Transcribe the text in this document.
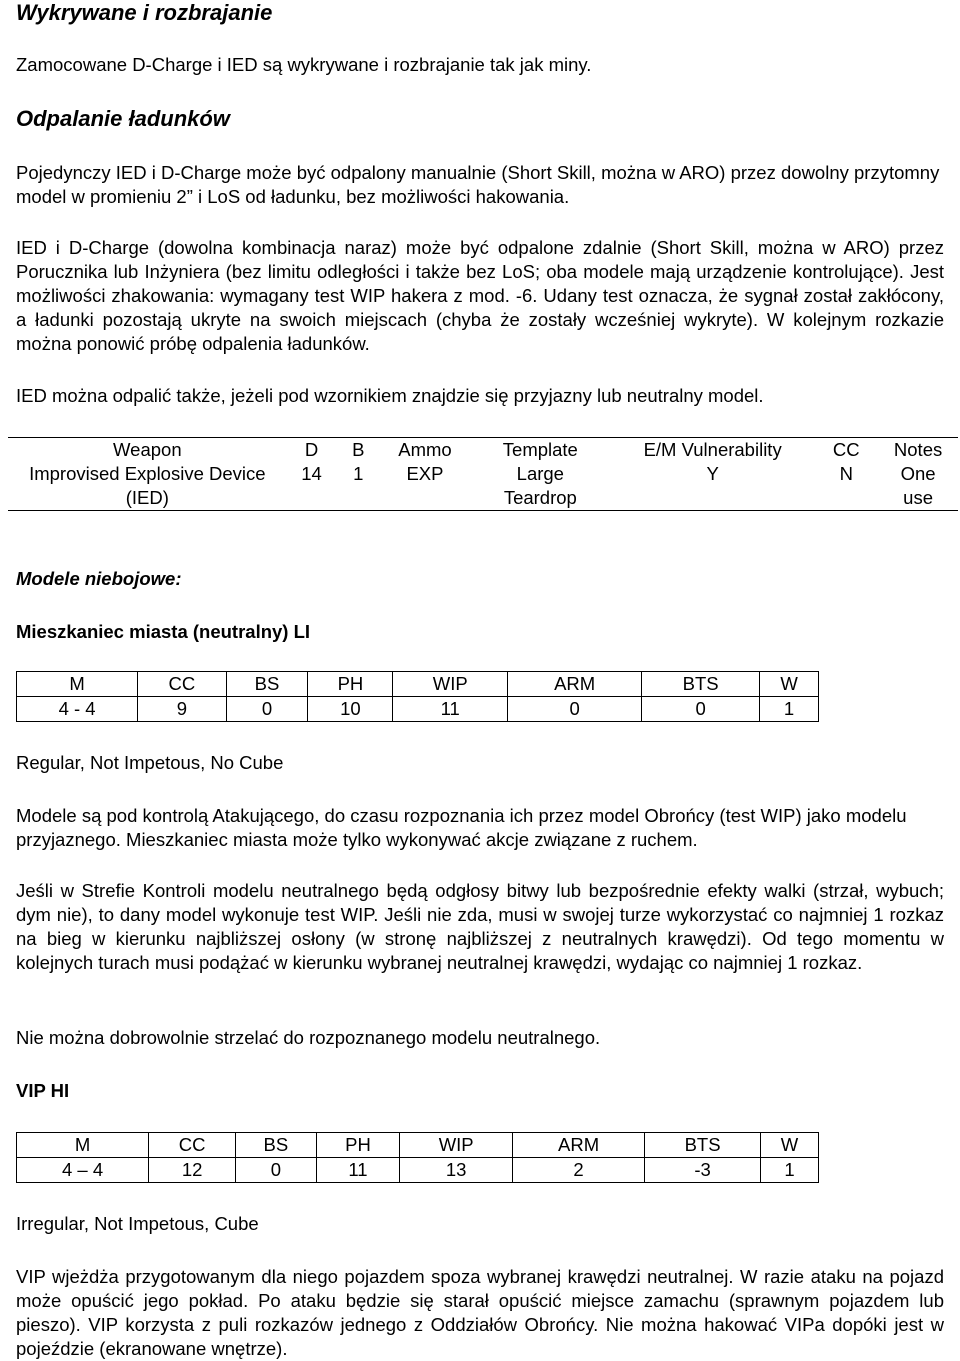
Wykrywane i rozbrajanie

Zamocowane D-Charge i IED są wykrywane i rozbrajanie tak jak miny.

Odpalanie ładunków

Pojedynczy IED i D-Charge może być odpalony manualnie (Short Skill, można w ARO) przez dowolny przytomny model w promieniu 2” i LoS od ładunku, bez możliwości hakowania.

IED i D-Charge (dowolna kombinacja naraz) może być odpalone zdalnie (Short Skill, można w ARO) przez Porucznika lub Inżyniera (bez limitu odległości i także bez LoS; oba modele mają urządzenie kontrolujące). Jest możliwości zhakowania: wymagany test WIP hakera z mod. -6. Udany test oznacza, że sygnał został zakłócony, a ładunki pozostają ukryte na swoich miejscach (chyba że zostały wcześniej wykryte). W kolejnym rozkazie można ponowić próbę odpalenia ładunków.

IED można odpalić także, jeżeli pod wzornikiem znajdzie się przyjazny lub neutralny model.

Weapon	D	B	Ammo	Template	E/M Vulnerability	CC	Notes
Improvised Explosive Device (IED)	14	1	EXP	Large Teardrop	Y	N	One use

Modele niebojowe:

Mieszkaniec miasta (neutralny) LI

M	CC	BS	PH	WIP	ARM	BTS	W
4 - 4	9	0	10	11	0	0	1

Regular, Not Impetous, No Cube

Modele są pod kontrolą Atakującego, do czasu rozpoznania ich przez model Obrońcy (test WIP) jako modelu przyjaznego. Mieszkaniec miasta może tylko wykonywać akcje związane z ruchem.

Jeśli w Strefie Kontroli modelu neutralnego będą odgłosy bitwy lub bezpośrednie efekty walki (strzał, wybuch; dym nie), to dany model wykonuje test WIP. Jeśli nie zda, musi w swojej turze wykorzystać co najmniej 1 rozkaz na bieg w kierunku najbliższej osłony (w stronę najbliższej z neutralnych krawędzi). Od tego momentu w kolejnych turach musi podążać w kierunku wybranej neutralnej krawędzi, wydając co najmniej 1 rozkaz.

Nie można dobrowolnie strzelać do rozpoznanego modelu neutralnego.

VIP HI

M	CC	BS	PH	WIP	ARM	BTS	W
4 – 4	12	0	11	13	2	-3	1

Irregular, Not Impetous, Cube

VIP wjeżdża przygotowanym dla niego pojazdem spoza wybranej krawędzi neutralnej. W razie ataku na pojazd może opuścić jego pokład. Po ataku będzie się starał opuścić miejsce zamachu (sprawnym pojazdem lub pieszo). VIP korzysta z puli rozkazów jednego z Oddziałów Obrońcy. Nie można hakować VIPa dopóki jest w pojeździe (ekranowane wnętrze).
